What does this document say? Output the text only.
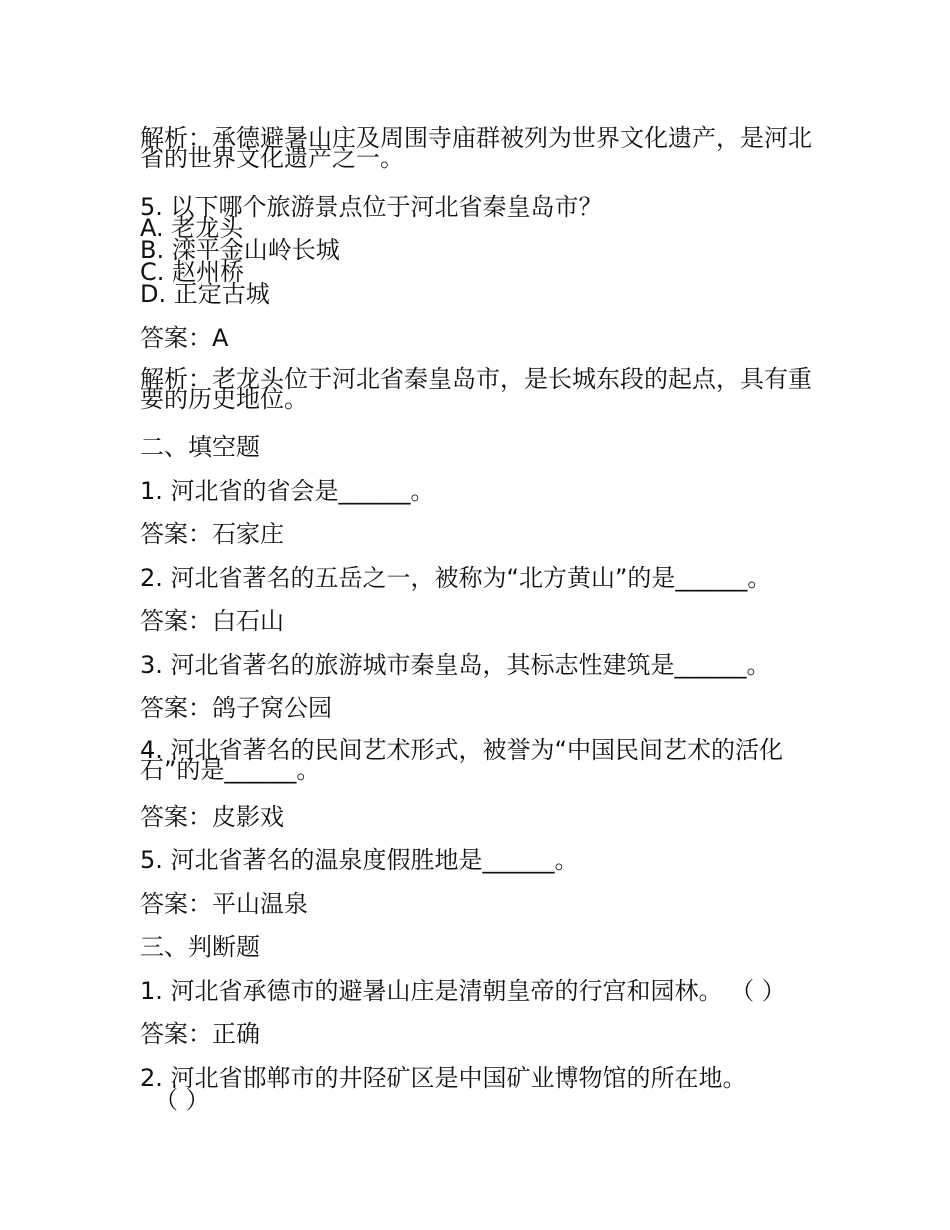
解析：承德避暑山庄及周围寺庙群被列为世界文化遗产，是河北省的世界文化遗产之一。
5. 以下哪个旅游景点位于河北省秦皇岛市？
A. 老龙头
B. 滦平金山岭长城
C. 赵州桥
D. 正定古城
答案：A
解析：老龙头位于河北省秦皇岛市，是长城东段的起点，具有重要的历史地位。
二、填空题
1. 河北省的省会是______。
答案：石家庄
2. 河北省著名的五岳之一，被称为“北方黄山”的是______。
答案：白石山
3. 河北省著名的旅游城市秦皇岛，其标志性建筑是______。
答案：鸽子窝公园
4. 河北省著名的民间艺术形式，被誉为“中国民间艺术的活化石”的是______。
答案：皮影戏
5. 河北省著名的温泉度假胜地是______。
答案：平山温泉
三、判断题
1. 河北省承德市的避暑山庄是清朝皇帝的行宫和园林。 （ ）
答案：正确
2. 河北省邯郸市的井陉矿区是中国矿业博物馆的所在地。
（ ）
